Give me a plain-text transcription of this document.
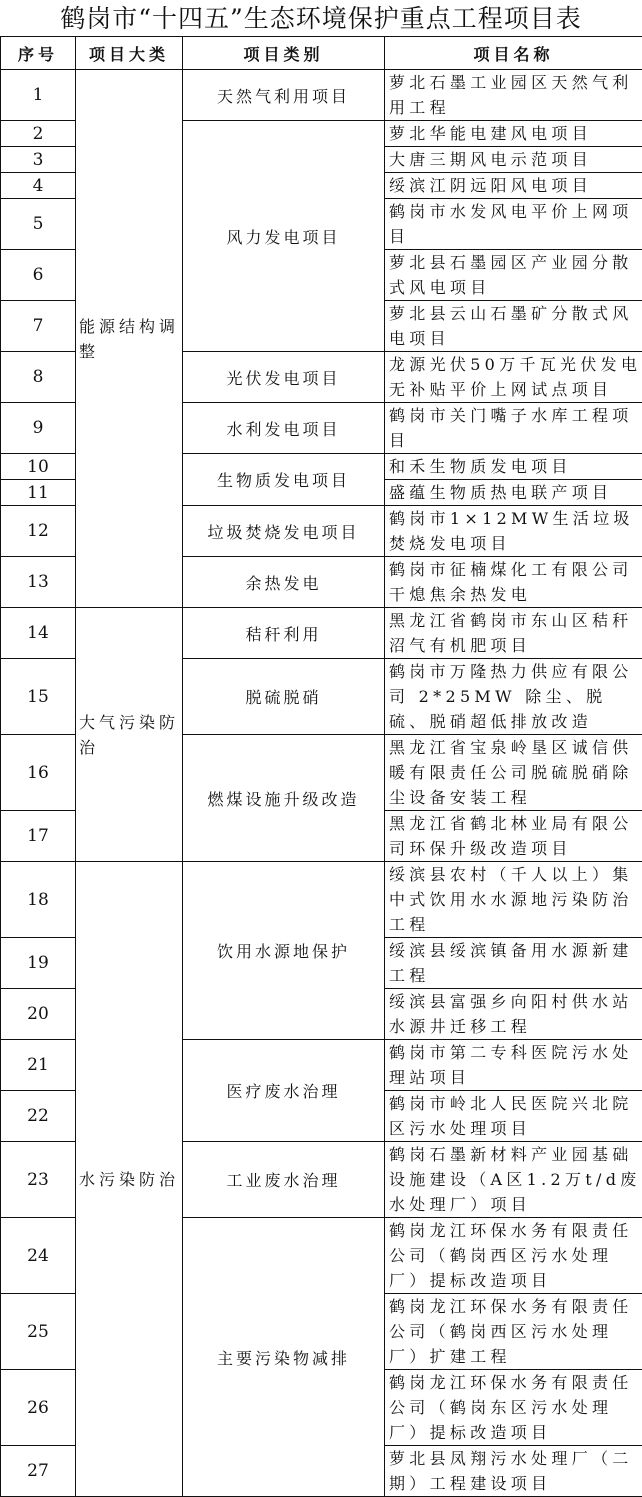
鹤岗市“十四五”生态环境保护重点工程项目表
序号	项目大类	项目类别	项目名称
1	能源结构调整	天然气利用项目	萝北石墨工业园区天然气利用工程
2		风力发电项目	萝北华能电建风电项目
3			大唐三期风电示范项目
4			绥滨江阴远阳风电项目
5			鹤岗市水发风电平价上网项目
6			萝北县石墨园区产业园分散式风电项目
7			萝北县云山石墨矿分散式风电项目
8		光伏发电项目	龙源光伏50万千瓦光伏发电无补贴平价上网试点项目
9		水利发电项目	鹤岗市关门嘴子水库工程项目
10		生物质发电项目	和禾生物质发电项目
11			盛蕴生物质热电联产项目
12		垃圾焚烧发电项目	鹤岗市1×12MW生活垃圾焚烧发电项目
13		余热发电	鹤岗市征楠煤化工有限公司干熄焦余热发电
14	大气污染防治	秸秆利用	黑龙江省鹤岗市东山区秸秆沼气有机肥项目
15		脱硫脱硝	鹤岗市万隆热力供应有限公司 2*25MW 除尘、脱硫、脱硝超低排放改造
16		燃煤设施升级改造	黑龙江省宝泉岭垦区诚信供暖有限责任公司脱硫脱硝除尘设备安装工程
17			黑龙江省鹤北林业局有限公司环保升级改造项目
18	水污染防治	饮用水源地保护	绥滨县农村（千人以上）集中式饮用水水源地污染防治工程
19			绥滨县绥滨镇备用水源新建工程
20			绥滨县富强乡向阳村供水站水源井迁移工程
21		医疗废水治理	鹤岗市第二专科医院污水处理站项目
22			鹤岗市岭北人民医院兴北院区污水处理项目
23		工业废水治理	鹤岗石墨新材料产业园基础设施建设（A区1.2万t/d废水处理厂）项目
24		主要污染物减排	鹤岗龙江环保水务有限责任公司（鹤岗西区污水处理厂）提标改造项目
25			鹤岗龙江环保水务有限责任公司（鹤岗西区污水处理厂）扩建工程
26			鹤岗龙江环保水务有限责任公司（鹤岗东区污水处理厂）提标改造项目
27			萝北县凤翔污水处理厂（二期）工程建设项目
